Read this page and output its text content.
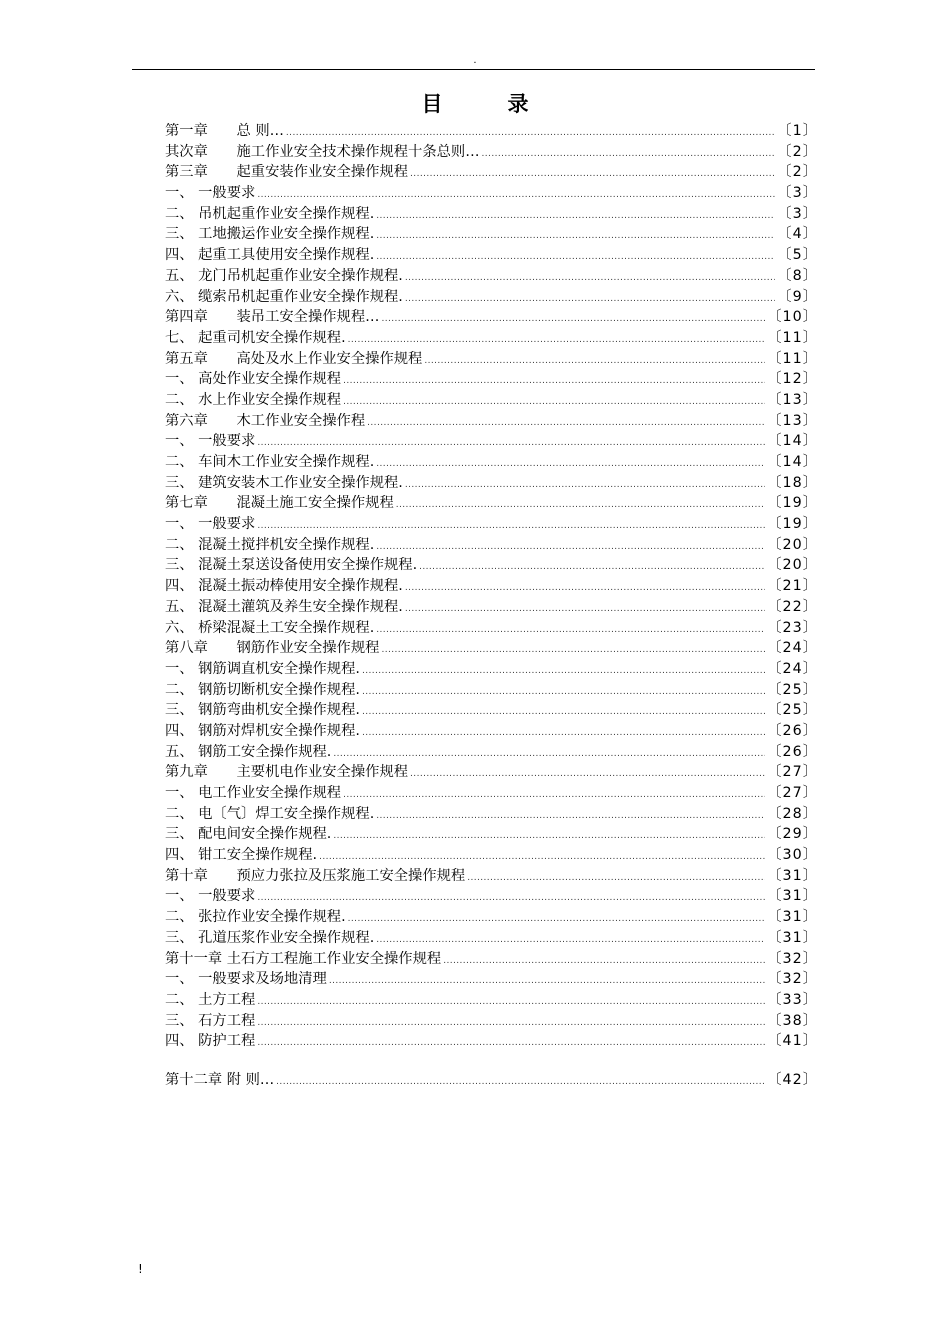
.
目　录
第一章　　总 则… .....	〔1〕
其次章　　施工作业安全技术操作规程十条总则… .....	〔2〕
第三章　　起重安装作业安全操作规程 .....	〔2〕
一、 一般要求 .....	〔3〕
二、 吊机起重作业安全操作规程. .....	〔3〕
三、 工地搬运作业安全操作规程. .....	〔4〕
四、 起重工具使用安全操作规程. .....	〔5〕
五、 龙门吊机起重作业安全操作规程. .....	〔8〕
六、 缆索吊机起重作业安全操作规程. .....	〔9〕
第四章　　装吊工安全操作规程… .....	〔10〕
七、 起重司机安全操作规程. .....	〔11〕
第五章　　高处及水上作业安全操作规程 .....	〔11〕
一、 高处作业安全操作规程 .....	〔12〕
二、 水上作业安全操作规程 .....	〔13〕
第六章　　木工作业安全操作程 .....	〔13〕
一、 一般要求 .....	〔14〕
二、 车间木工作业安全操作规程. .....	〔14〕
三、 建筑安装木工作业安全操作规程. .....	〔18〕
第七章　　混凝土施工安全操作规程 .....	〔19〕
一、 一般要求 .....	〔19〕
二、 混凝土搅拌机安全操作规程. .....	〔20〕
三、 混凝土泵送设备使用安全操作规程. .....	〔20〕
四、 混凝土振动棒使用安全操作规程. .....	〔21〕
五、 混凝土灌筑及养生安全操作规程. .....	〔22〕
六、 桥梁混凝土工安全操作规程. .....	〔23〕
第八章　　钢筋作业安全操作规程 .....	〔24〕
一、 钢筋调直机安全操作规程. .....	〔24〕
二、 钢筋切断机安全操作规程. .....	〔25〕
三、 钢筋弯曲机安全操作规程. .....	〔25〕
四、 钢筋对焊机安全操作规程. .....	〔26〕
五、 钢筋工安全操作规程. .....	〔26〕
第九章　　主要机电作业安全操作规程 .....	〔27〕
一、 电工作业安全操作规程 .....	〔27〕
二、 电〔气〕焊工安全操作规程. .....	〔28〕
三、 配电间安全操作规程. .....	〔29〕
四、 钳工安全操作规程. .....	〔30〕
第十章　　预应力张拉及压浆施工安全操作规程 .....	〔31〕
一、 一般要求 .....	〔31〕
二、 张拉作业安全操作规程. .....	〔31〕
三、 孔道压浆作业安全操作规程. .....	〔31〕
第十一章 土石方工程施工作业安全操作规程 .....	〔32〕
一、 一般要求及场地清理 .....	〔32〕
二、 土方工程 .....	〔33〕
三、 石方工程 .....	〔38〕
四、 防护工程 .....	〔41〕
第十二章 附 则… .....	〔42〕
!
